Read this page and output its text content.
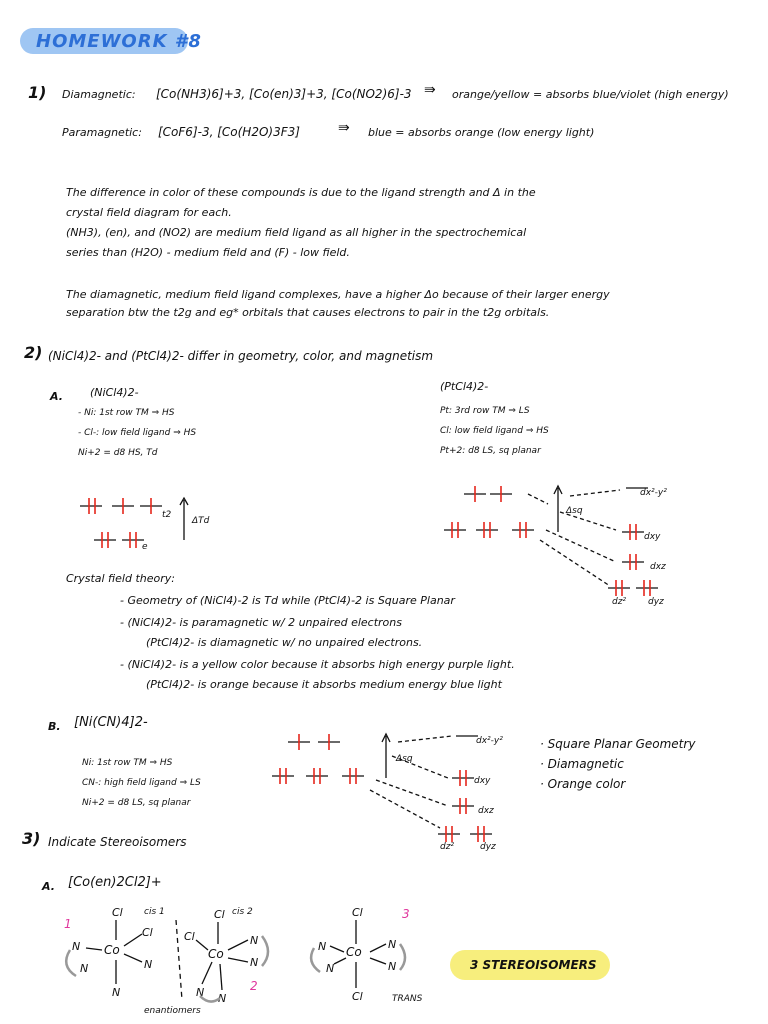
HOMEWORK #8
1) Diamagnetic: [Co(NH3)6]+3, [Co(en)3]+3, [Co(NO2)6]-3 ⇛ orange/yellow = absorbs blue/violet (high energy)
Paramagnetic: [CoF6]-3, [Co(H2O)3F3]	⇛ blue = absorbs orange (low energy light)
The difference in color of these compounds is due to the ligand strength and Δ in the
crystal field diagram for each.
(NH3), (en), and (NO2) are medium field ligand as all higher in the spectrochemical
series than (H2O) - medium field and (F) - low field.
The diamagnetic, medium field ligand complexes, have a higher Δo because of their larger energy
separation btw the t2g and eg* orbitals that causes electrons to pair in the t2g orbitals.
2) (NiCl4)2- and (PtCl4)2- differ in geometry, color, and magnetism
A. (NiCl4)2-
- Ni: 1st row TM ⇒ HS
- Cl-: low field ligand ⇒ HS
Ni+2 = d8 HS, Td
(PtCl4)2-
Pt: 3rd row TM ⇒ LS
Cl: low field ligand ⇒ HS
Pt+2: d8 LS, sq planar
t2
e
ΔTd
Δsq
dx²-y²
dxy
dxz
dz² dyz
Crystal field theory:
- Geometry of (NiCl4)-2 is Td while (PtCl4)-2 is Square Planar
- (NiCl4)2- is paramagnetic w/ 2 unpaired electrons
(PtCl4)2- is diamagnetic w/ no unpaired electrons.
- (NiCl4)2- is a yellow color because it absorbs high energy purple light.
(PtCl4)2- is orange because it absorbs medium energy blue light
B. [Ni(CN)4]2-
Ni: 1st row TM ⇒ HS
CN-: high field ligand ⇒ LS
Ni+2 = d8 LS, sq planar
Δsq
dx²-y²
dxy
dxz
dz²	dyz
· Square Planar Geometry
· Diamagnetic
· Orange color
3) Indicate Stereoisomers
A. [Co(en)2Cl2]+
cis 1	cis 2
1
2
3
enantiomers
TRANS
Cl
Cl
N Co
N
N
N
Cl
Cl
Co
N
N
N N
Cl
N	N
Co
N	N
Cl
3 STEREOISOMERS
